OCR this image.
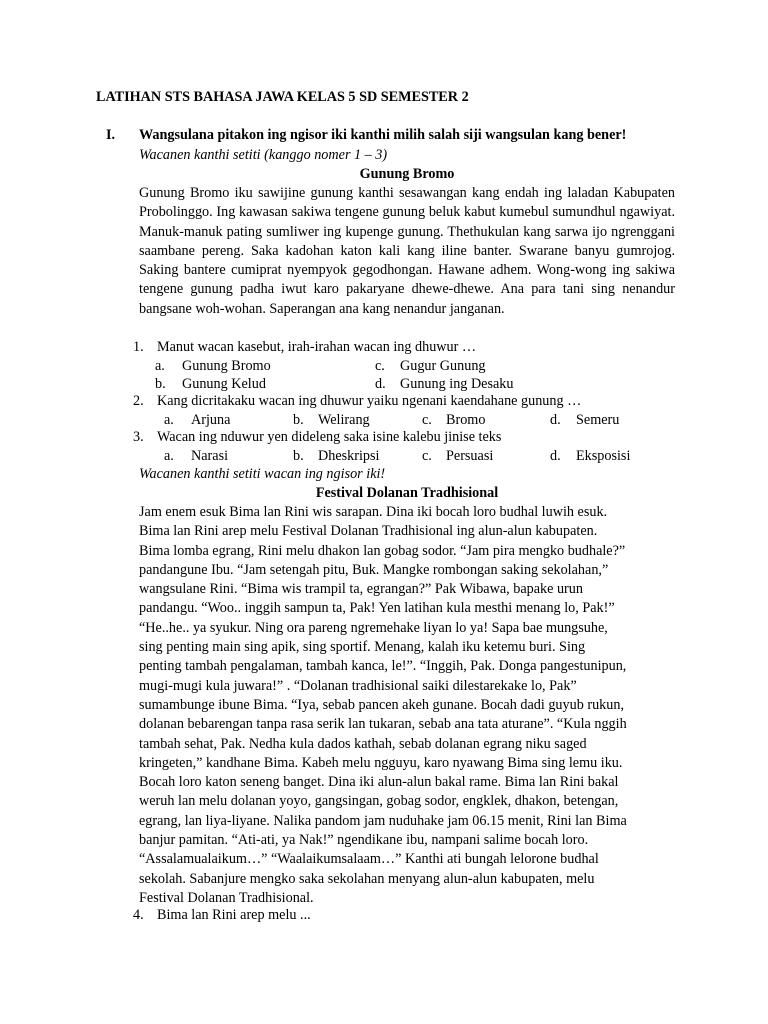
LATIHAN STS BAHASA JAWA KELAS 5 SD SEMESTER 2
I. Wangsulana pitakon ing ngisor iki kanthi milih salah siji wangsulan kang bener!
Wacanen kanthi setiti (kanggo nomer 1 – 3)
Gunung Bromo
Gunung Bromo iku sawijine gunung kanthi sesawangan kang endah ing laladan Kabupaten Probolinggo. Ing kawasan sakiwa tengene gunung beluk kabut kumebul sumundhul ngawiyat. Manuk-manuk pating sumliwer ing kupenge gunung. Thethukulan kang sarwa ijo ngrenggani saambane pereng. Saka kadohan katon kali kang iline banter. Swarane banyu gumrojog. Saking bantere cumiprat nyempyok gegodhongan. Hawane adhem. Wong-wong ing sakiwa tengene gunung padha iwut karo pakaryane dhewe-dhewe. Ana para tani sing nenandur bangsane woh-wohan. Saperangan ana kang nenandur janganan.
1. Manut wacan kasebut, irah-irahan wacan ing dhuwur …
a. Gunung Bromo	c. Gugur Gunung
b. Gunung Kelud	d. Gunung ing Desaku
2. Kang dicritakaku wacan ing dhuwur yaiku ngenani kaendahane gunung …
a. Arjuna	b. Welirang	c. Bromo	d. Semeru
3. Wacan ing nduwur yen dideleng saka isine kalebu jinise teks
a. Narasi	b. Dheskripsi	c. Persuasi	d. Eksposisi
Wacanen kanthi setiti wacan ing ngisor iki!
Festival Dolanan Tradhisional

Jam enem esuk Bima lan Rini wis sarapan. Dina iki bocah loro budhal luwih esuk.

Bima lan Rini arep melu Festival Dolanan Tradhisional ing alun-alun kabupaten.

Bima lomba egrang, Rini melu dhakon lan gobag sodor. “Jam pira mengko budhale?”

pandangune Ibu. “Jam setengah pitu, Buk. Mangke rombongan saking sekolahan,”

wangsulane Rini. “Bima wis trampil ta, egrangan?” Pak Wibawa, bapake urun

pandangu. “Woo.. inggih sampun ta, Pak! Yen latihan kula mesthi menang lo, Pak!”

“He..he.. ya syukur. Ning ora pareng ngremehake liyan lo ya! Sapa bae mungsuhe,

sing penting main sing apik, sing sportif. Menang, kalah iku ketemu buri. Sing

penting tambah pengalaman, tambah kanca, le!”. “Inggih, Pak. Donga pangestunipun,

mugi-mugi kula juwara!” . “Dolanan tradhisional saiki dilestarekake lo, Pak”

sumambunge ibune Bima. “Iya, sebab pancen akeh gunane. Bocah dadi guyub rukun,

dolanan bebarengan tanpa rasa serik lan tukaran, sebab ana tata aturane”. “Kula nggih

tambah sehat, Pak. Nedha kula dados kathah, sebab dolanan egrang niku saged

kringeten,” kandhane Bima. Kabeh melu ngguyu, karo nyawang Bima sing lemu iku.

Bocah loro katon seneng banget. Dina iki alun-alun bakal rame. Bima lan Rini bakal

weruh lan melu dolanan yoyo, gangsingan, gobag sodor, engklek, dhakon, betengan,

egrang, lan liya-liyane. Nalika pandom jam nuduhake jam 06.15 menit, Rini lan Bima

banjur pamitan. “Ati-ati, ya Nak!” ngendikane ibu, nampani salime bocah loro.

“Assalamualaikum…” “Waalaikumsalaam…” Kanthi ati bungah lelorone budhal

sekolah. Sabanjure mengko saka sekolahan menyang alun-alun kabupaten, melu

Festival Dolanan Tradhisional.

4. Bima lan Rini arep melu ...
